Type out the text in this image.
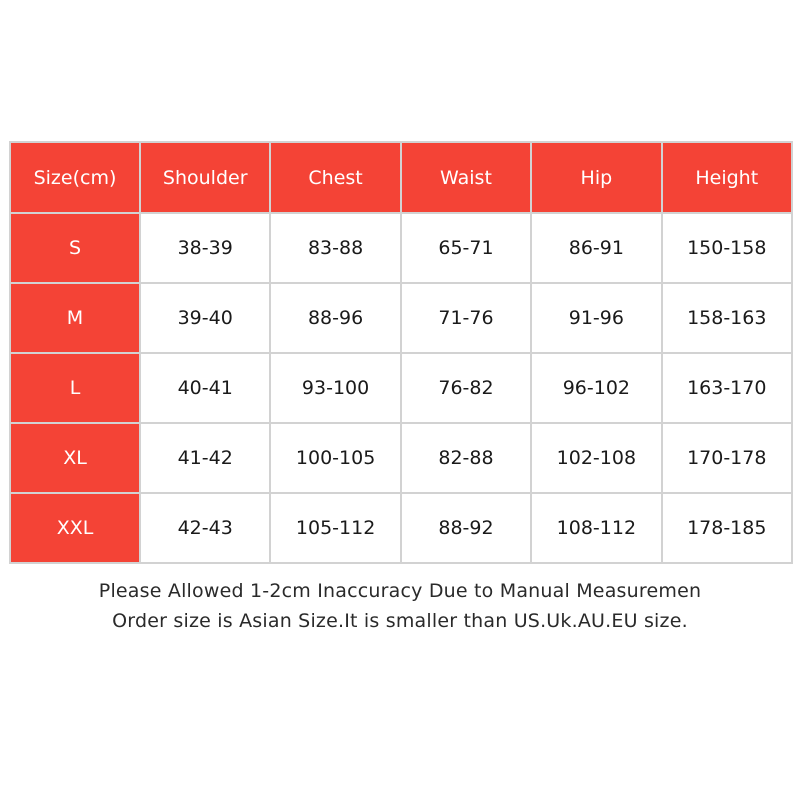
Size(cm)	Shoulder	Chest	Waist	Hip	Height
S	38-39	83-88	65-71	86-91	150-158
M	39-40	88-96	71-76	91-96	158-163
L	40-41	93-100	76-82	96-102	163-170
XL	41-42	100-105	82-88	102-108	170-178
XXL	42-43	105-112	88-92	108-112	178-185
Please Allowed 1-2cm Inaccuracy Due to Manual Measuremen
Order size is Asian Size.It is smaller than US.Uk.AU.EU size.
